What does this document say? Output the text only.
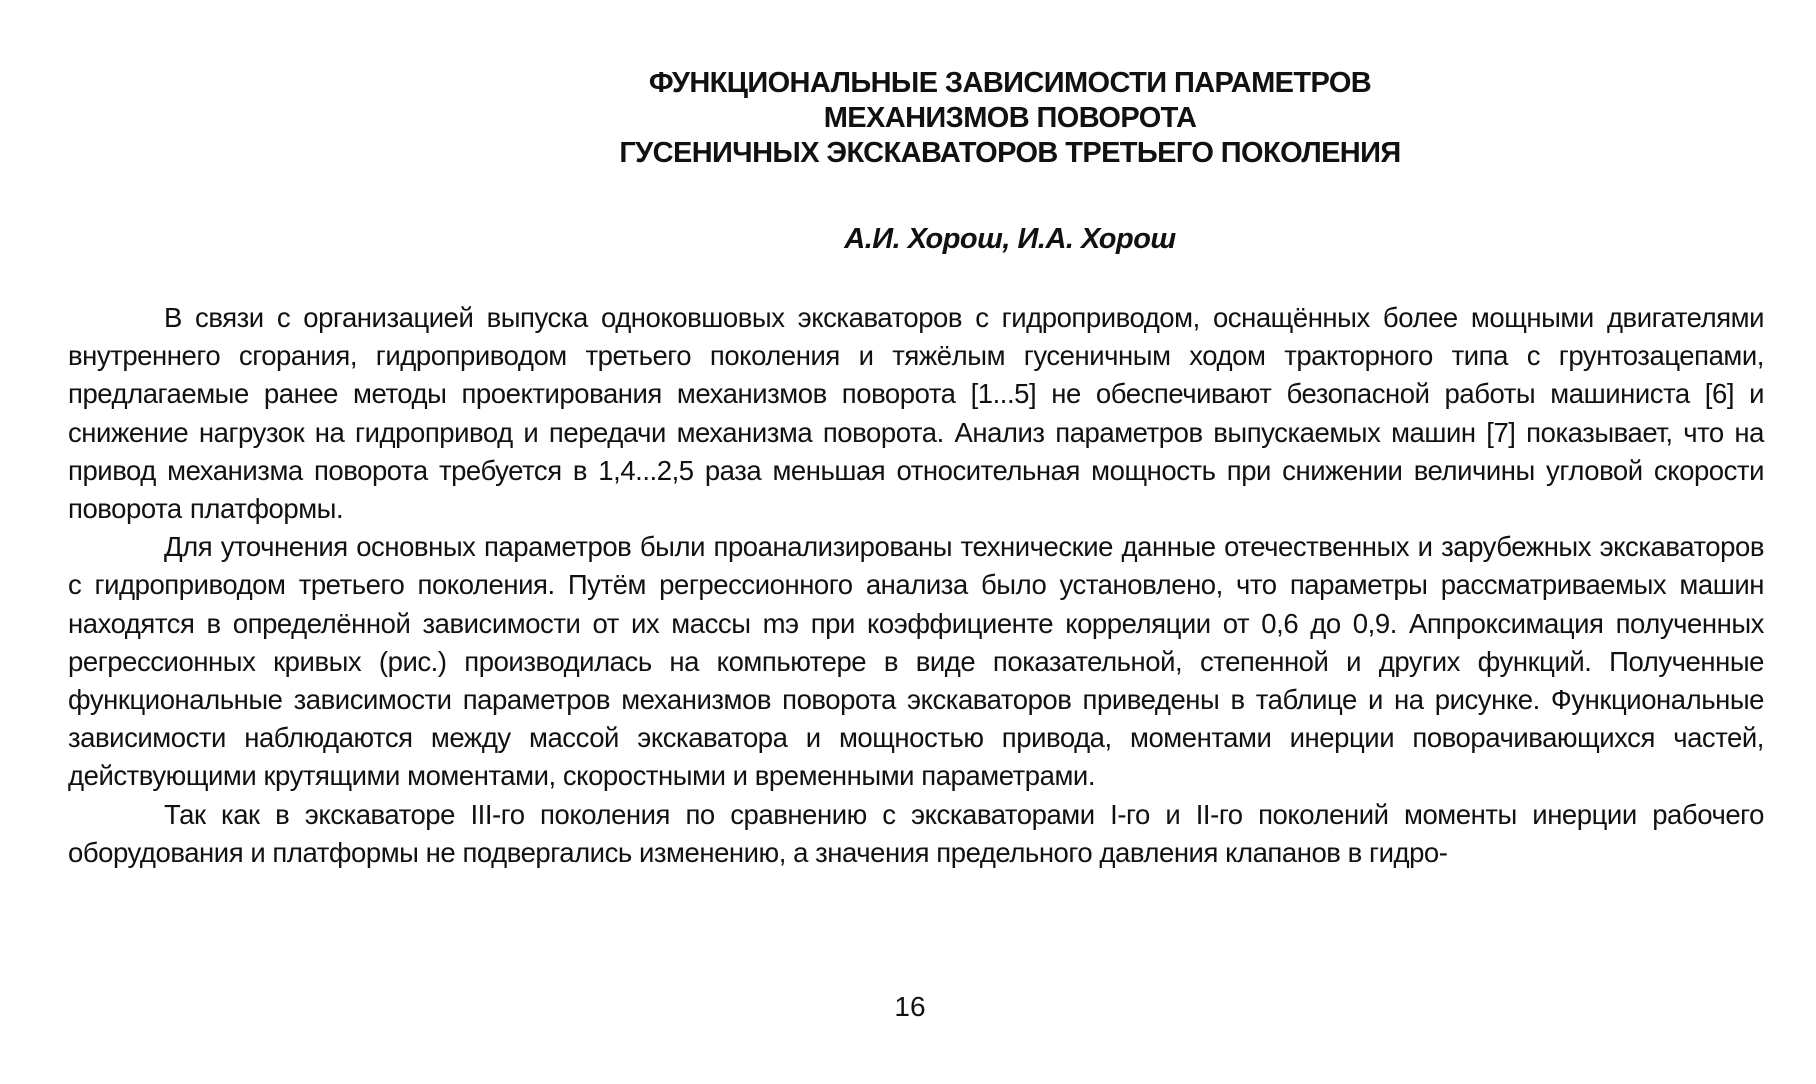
ФУНКЦИОНАЛЬНЫЕ ЗАВИСИМОСТИ ПАРАМЕТРОВ
МЕХАНИЗМОВ ПОВОРОТА
ГУСЕНИЧНЫХ ЭКСКАВАТОРОВ ТРЕТЬЕГО ПОКОЛЕНИЯ

А.И. Хорош, И.А. Хорош

В связи с организацией выпуска одноковшовых экскаваторов с гидроприводом, оснащённых более мощными двигателями внутреннего сгорания, гидроприводом третьего поколения и тяжёлым гусеничным ходом тракторного типа с грунтозацепами, предлагаемые ранее методы проектирования механизмов поворота [1...5] не обеспечивают безопасной работы машиниста [6] и снижение нагрузок на гидропривод и передачи механизма поворота. Анализ параметров выпускаемых машин [7] показывает, что на привод механизма поворота требуется в 1,4...2,5 раза меньшая относительная мощность при снижении величины угловой скорости поворота платформы.

Для уточнения основных параметров были проанализированы технические данные отечественных и зарубежных экскаваторов с гидроприводом третьего поколения. Путём регрессионного анализа было установлено, что параметры рассматриваемых машин находятся в определённой зависимости от их массы mэ при коэффициенте корреляции от 0,6 до 0,9. Аппроксимация полученных регрессионных кривых (рис.) производилась на компьютере в виде показательной, степенной и других функций. Полученные функциональные зависимости параметров механизмов поворота экскаваторов приведены в таблице и на рисунке. Функциональные зависимости наблюдаются между массой экскаватора и мощностью привода, моментами инерции поворачивающихся частей, действующими крутящими моментами, скоростными и временными параметрами.

Так как в экскаваторе III-го поколения по сравнению с экскаваторами I-го и II-го поколений моменты инерции рабочего оборудования и платформы не подвергались изменению, а значения предельного давления клапанов в гидро-

16
